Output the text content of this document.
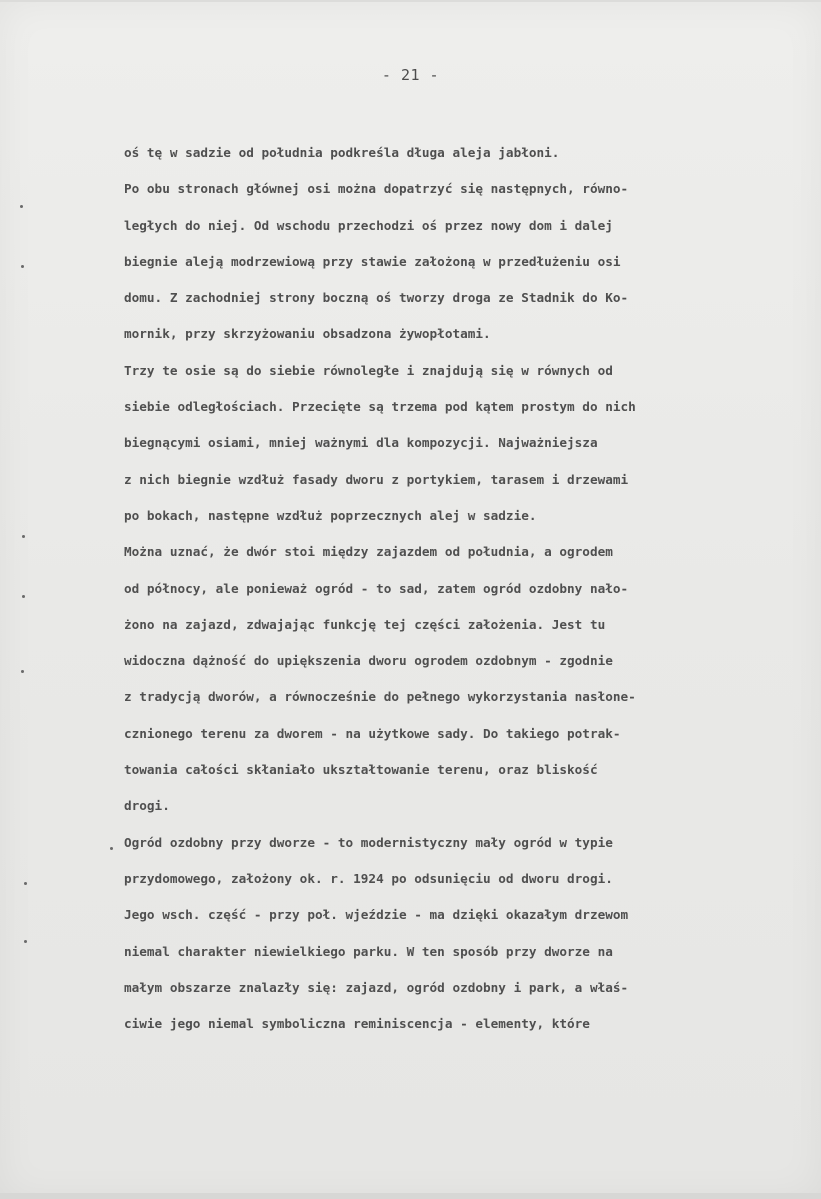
- 21 -
oś tę w sadzie od południa podkreśla długa aleja jabłoni.
Po obu stronach głównej osi można dopatrzyć się następnych, równo-
ległych do niej. Od wschodu przechodzi oś przez nowy dom i dalej
biegnie aleją modrzewiową przy stawie założoną w przedłużeniu osi
domu. Z zachodniej strony boczną oś tworzy droga ze Stadnik do Ko-
mornik, przy skrzyżowaniu obsadzona żywopłotami.
Trzy te osie są do siebie równoległe i znajdują się w równych od
siebie odległościach. Przecięte są trzema pod kątem prostym do nich
biegnącymi osiami, mniej ważnymi dla kompozycji. Najważniejsza
z nich biegnie wzdłuż fasady dworu z portykiem, tarasem i drzewami
po bokach, następne wzdłuż poprzecznych alej w sadzie.
Można uznać, że dwór stoi między zajazdem od południa, a ogrodem
od północy, ale ponieważ ogród - to sad, zatem ogród ozdobny nało-
żono na zajazd, zdwajając funkcję tej części założenia. Jest tu
widoczna dążność do upiększenia dworu ogrodem ozdobnym - zgodnie
z tradycją dworów, a równocześnie do pełnego wykorzystania nasłone-
cznionego terenu za dworem - na użytkowe sady. Do takiego potrak-
towania całości skłaniało ukształtowanie terenu, oraz bliskość
drogi.
Ogród ozdobny przy dworze - to modernistyczny mały ogród w typie
przydomowego, założony ok. r. 1924 po odsunięciu od dworu drogi.
Jego wsch. część - przy poł. wjeździe - ma dzięki okazałym drzewom
niemal charakter niewielkiego parku. W ten sposób przy dworze na
małym obszarze znalazły się: zajazd, ogród ozdobny i park, a właś-
ciwie jego niemal symboliczna reminiscencja - elementy, które
